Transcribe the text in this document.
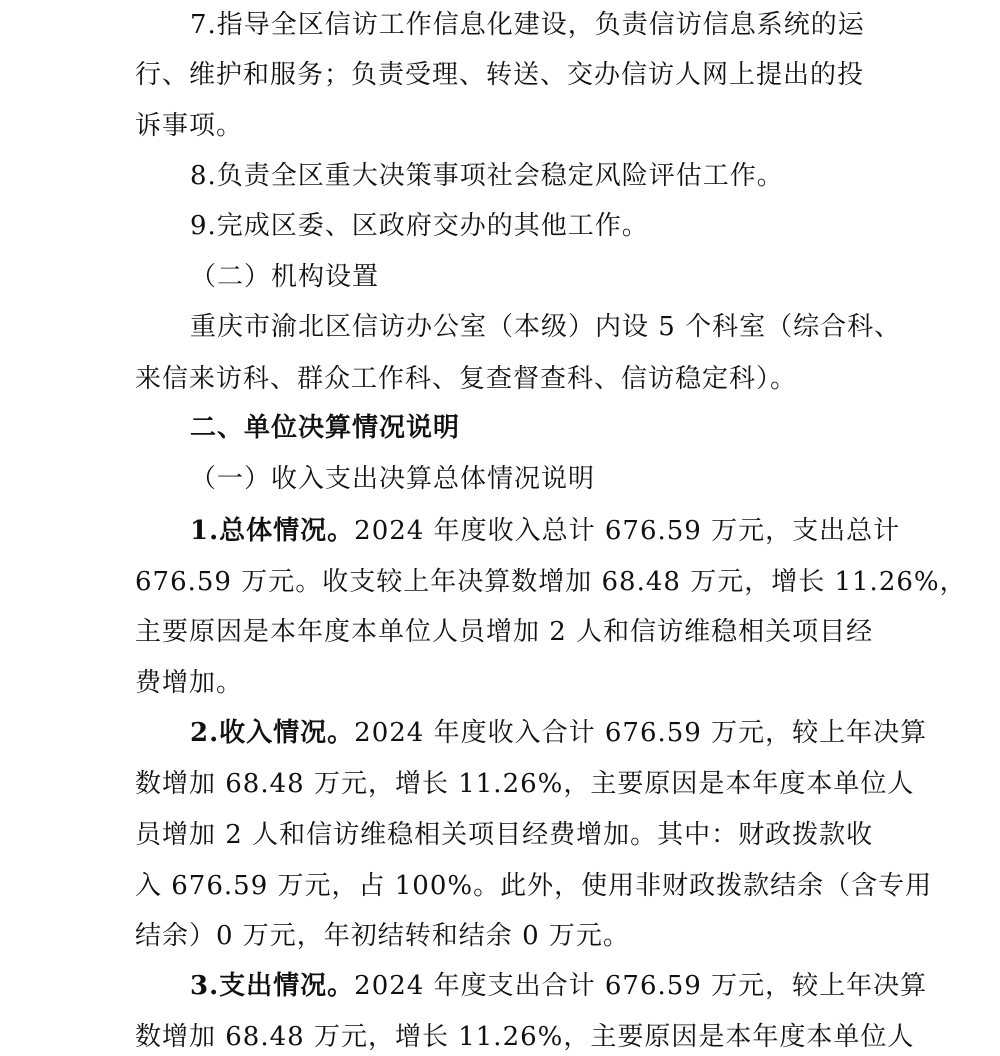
7.指导全区信访工作信息化建设，负责信访信息系统的运
行、维护和服务；负责受理、转送、交办信访人网上提出的投
诉事项。
8.负责全区重大决策事项社会稳定风险评估工作。
9.完成区委、区政府交办的其他工作。
（二）机构设置
重庆市渝北区信访办公室（本级）内设 5 个科室（综合科、
来信来访科、群众工作科、复查督查科、信访稳定科）。
二、单位决算情况说明
（一）收入支出决算总体情况说明
1.总体情况。2024 年度收入总计 676.59 万元，支出总计
676.59 万元。收支较上年决算数增加 68.48 万元，增长 11.26%，
主要原因是本年度本单位人员增加 2 人和信访维稳相关项目经
费增加。
2.收入情况。2024 年度收入合计 676.59 万元，较上年决算
数增加 68.48 万元，增长 11.26%，主要原因是本年度本单位人
员增加 2 人和信访维稳相关项目经费增加。其中：财政拨款收
入 676.59 万元，占 100%。此外，使用非财政拨款结余（含专用
结余）0 万元，年初结转和结余 0 万元。
3.支出情况。2024 年度支出合计 676.59 万元，较上年决算
数增加 68.48 万元，增长 11.26%，主要原因是本年度本单位人
